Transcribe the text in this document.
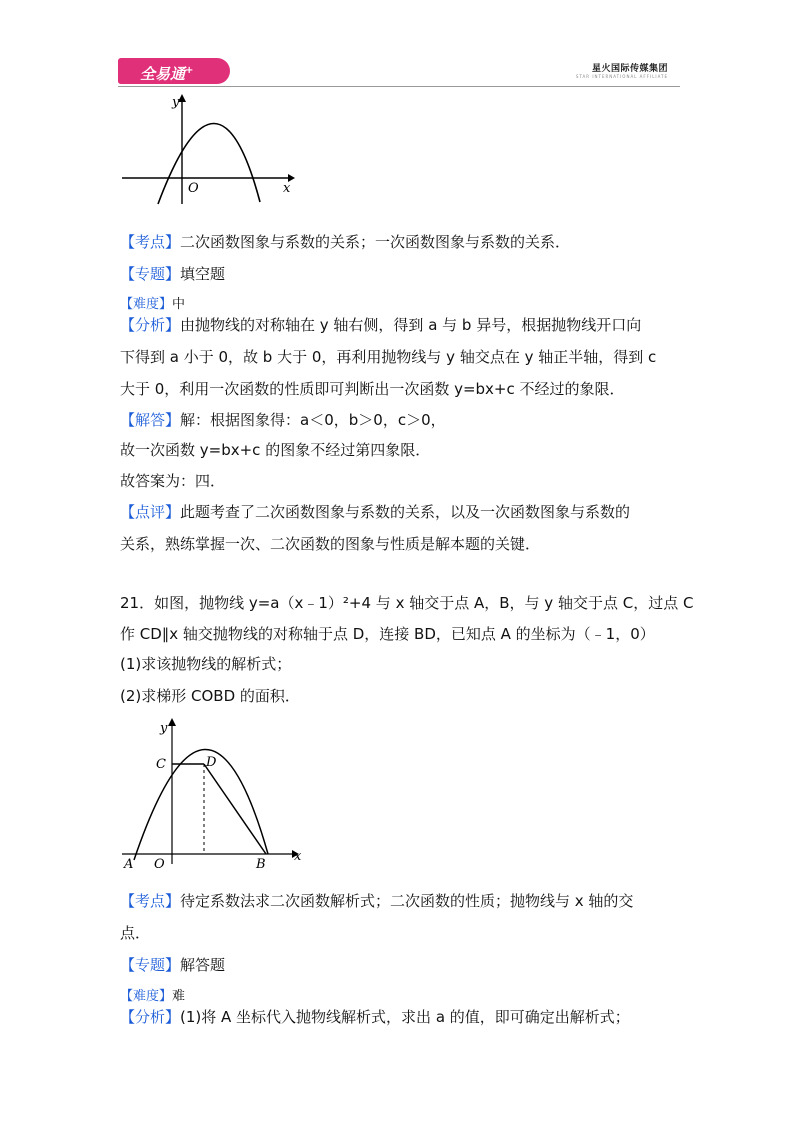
全易通+	星火国际传媒集团
STAR INTERNATIONAL AFFILIATE
y
x
O
【考点】二次函数图象与系数的关系；一次函数图象与系数的关系．
【专题】填空题
【难度】中
【分析】由抛物线的对称轴在 y 轴右侧，得到 a 与 b 异号，根据抛物线开口向
下得到 a 小于 0，故 b 大于 0，再利用抛物线与 y 轴交点在 y 轴正半轴，得到 c
大于 0，利用一次函数的性质即可判断出一次函数 y=bx+c 不经过的象限．
【解答】解：根据图象得：a＜0，b＞0，c＞0，
故一次函数 y=bx+c 的图象不经过第四象限．
故答案为：四．
【点评】此题考查了二次函数图象与系数的关系，以及一次函数图象与系数的
关系，熟练掌握一次、二次函数的图象与性质是解本题的关键．
21．如图，抛物线 y=a（x﹣1）²+4 与 x 轴交于点 A，B，与 y 轴交于点 C，过点 C
作 CD∥x 轴交抛物线的对称轴于点 D，连接 BD，已知点 A 的坐标为（﹣1，0）
(1)求该抛物线的解析式；
(2)求梯形 COBD 的面积．
y
x
A O	B
C	D
【考点】待定系数法求二次函数解析式；二次函数的性质；抛物线与 x 轴的交
点．
【专题】解答题
【难度】难
【分析】(1)将 A 坐标代入抛物线解析式，求出 a 的值，即可确定出解析式；
